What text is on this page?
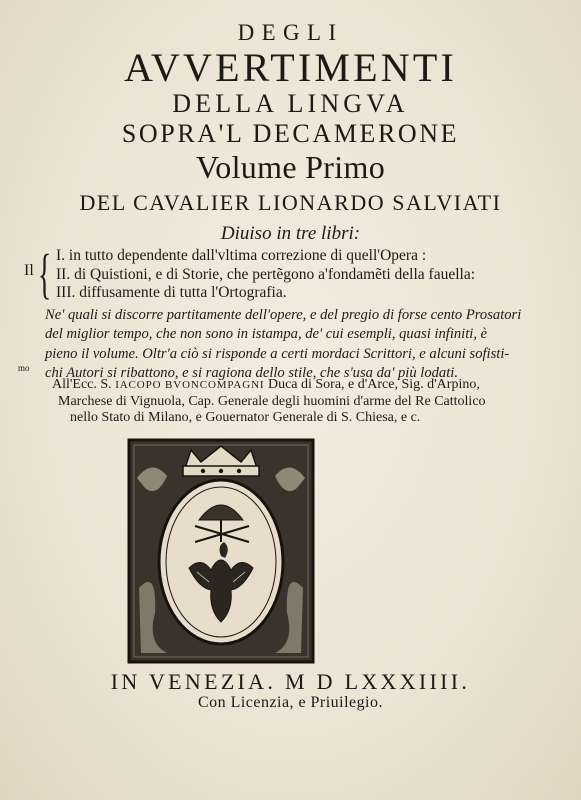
DEGLI
AVVERTIMENTI
DELLA LINGVA
SOPRA'L DECAMERONE
Volume Primo
DEL CAVALIER LIONARDO SALVIATI
Diuiso in tre libri:
Il { I. in tutto dependente dall'vltima correzione di quell'Opera :
II. di Quistioni, e di Storie, che pertẽgono a'fondamẽti della fauella:
III. diffusamente di tutta l'Ortografia.
Ne' quali si discorre partitamente dell'opere, e del pregio di forse cento Prosatori
del miglior tempo, che non sono in istampa, de' cui esempli, quasi infiniti, è
pieno il volume. Oltr'a ciò si risponde a certi mordaci Scrittori, e alcuni sofisti-
chi Autori si ribattono, e si ragiona dello stile, che s'usa da' più lodati.
mo
All'Ecc. S. IACOPO BVONCOMPAGNI Duca di Sora, e d'Arce, Sig. d'Arpino,
Marchese di Vignuola, Cap. Generale degli huomini d'arme del Re Cattolico
nello Stato di Milano, e Gouernator Generale di S. Chiesa, e c.
IN VENEZIA. M D LXXXIIII.
Con Licenzia, e Priuilegio.
